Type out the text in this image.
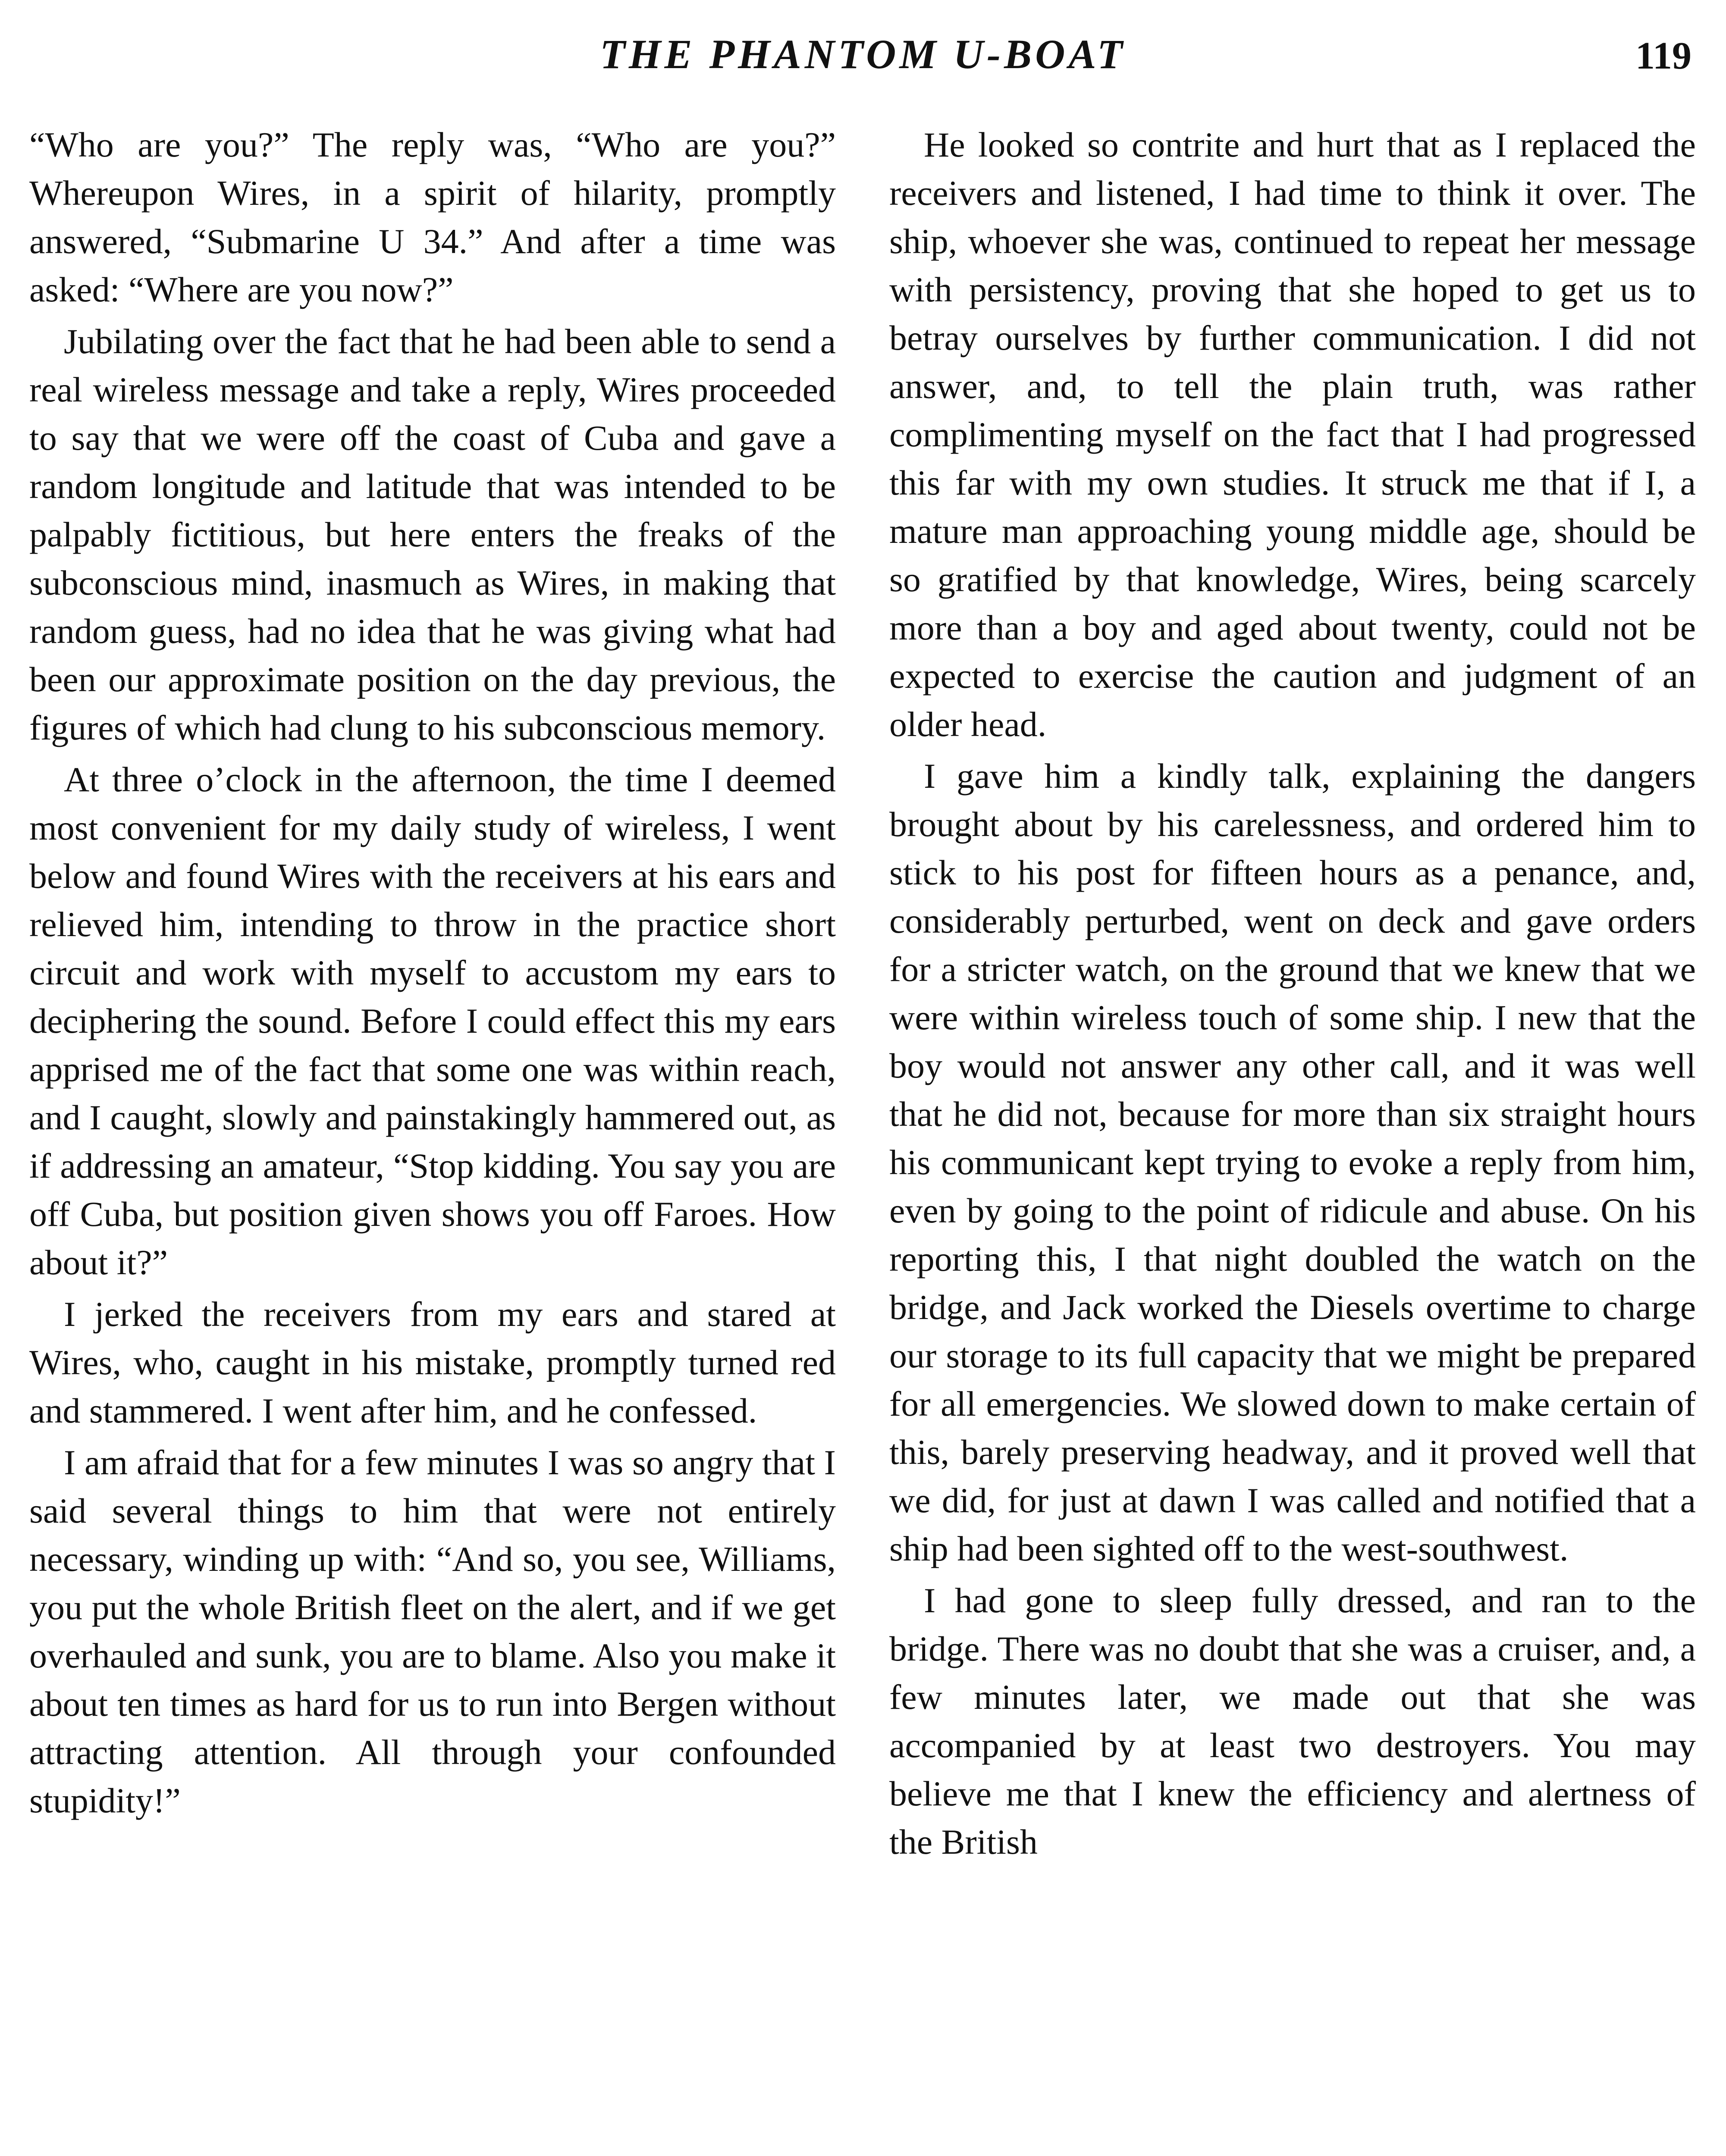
THE PHANTOM U-BOAT	119

“Who are you?” The reply was, “Who are you?” Whereupon Wires, in a spirit of hilarity, promptly answered, “Submarine U 34.” And after a time was asked: “Where are you now?”

Jubilating over the fact that he had been able to send a real wireless message and take a reply, Wires proceeded to say that we were off the coast of Cuba and gave a random longitude and latitude that was intended to be palpably fictitious, but here enters the freaks of the subconscious mind, inasmuch as Wires, in making that random guess, had no idea that he was giving what had been our approximate position on the day previous, the figures of which had clung to his subconscious memory.

At three o’clock in the afternoon, the time I deemed most convenient for my daily study of wireless, I went below and found Wires with the receivers at his ears and relieved him, intending to throw in the practice short circuit and work with myself to accustom my ears to deciphering the sound. Before I could effect this my ears apprised me of the fact that some one was within reach, and I caught, slowly and painstakingly hammered out, as if addressing an amateur, “Stop kidding. You say you are off Cuba, but position given shows you off Faroes. How about it?”

I jerked the receivers from my ears and stared at Wires, who, caught in his mistake, promptly turned red and stammered. I went after him, and he confessed.

I am afraid that for a few minutes I was so angry that I said several things to him that were not entirely necessary, winding up with: “And so, you see, Williams, you put the whole British fleet on the alert, and if we get overhauled and sunk, you are to blame. Also you make it about ten times as hard for us to run into Bergen without attracting attention. All through your confounded stupidity!”

He looked so contrite and hurt that as I replaced the receivers and listened, I had time to think it over. The ship, whoever she was, continued to repeat her message with persistency, proving that she hoped to get us to betray ourselves by further communication. I did not answer, and, to tell the plain truth, was rather complimenting myself on the fact that I had progressed this far with my own studies. It struck me that if I, a mature man approaching young middle age, should be so gratified by that knowledge, Wires, being scarcely more than a boy and aged about twenty, could not be expected to exercise the caution and judgment of an older head.

I gave him a kindly talk, explaining the dangers brought about by his carelessness, and ordered him to stick to his post for fifteen hours as a penance, and, considerably perturbed, went on deck and gave orders for a stricter watch, on the ground that we knew that we were within wireless touch of some ship. I new that the boy would not answer any other call, and it was well that he did not, because for more than six straight hours his communicant kept trying to evoke a reply from him, even by going to the point of ridicule and abuse. On his reporting this, I that night doubled the watch on the bridge, and Jack worked the Diesels overtime to charge our storage to its full capacity that we might be prepared for all emergencies. We slowed down to make certain of this, barely preserving headway, and it proved well that we did, for just at dawn I was called and notified that a ship had been sighted off to the west-southwest.

I had gone to sleep fully dressed, and ran to the bridge. There was no doubt that she was a cruiser, and, a few minutes later, we made out that she was accompanied by at least two destroyers. You may believe me that I knew the efficiency and alertness of the British
